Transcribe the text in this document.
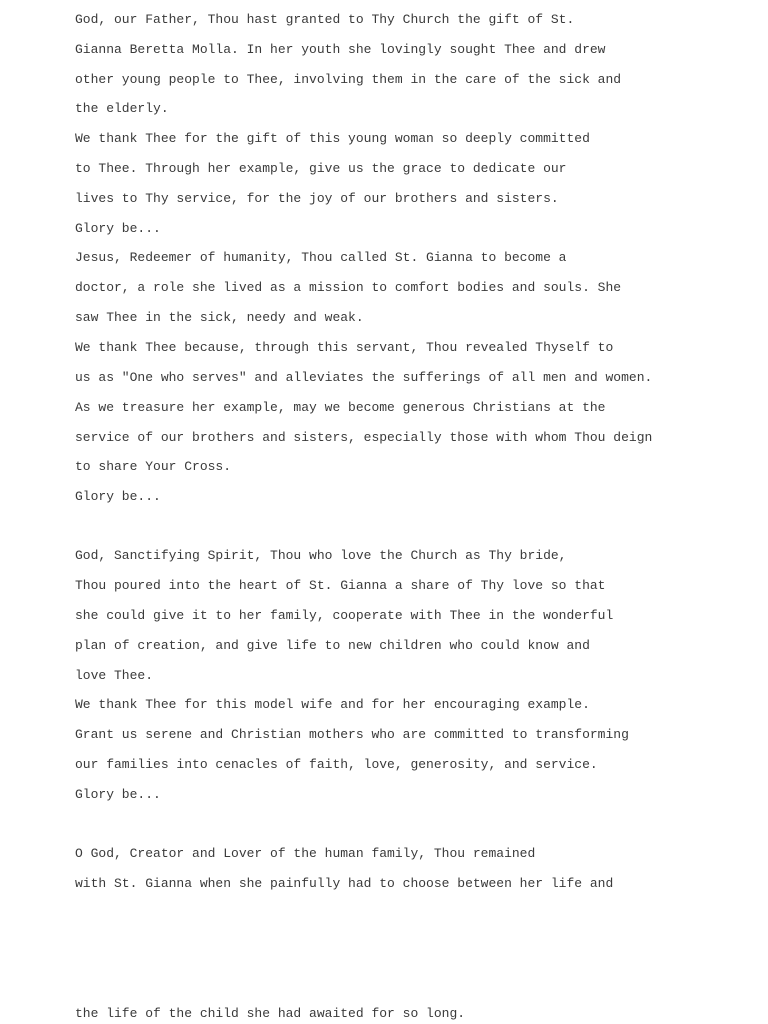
God, our Father, Thou hast granted to Thy Church the gift of St.
Gianna Beretta Molla. In her youth she lovingly sought Thee and drew
other young people to Thee, involving them in the care of the sick and
the elderly.
We thank Thee for the gift of this young woman so deeply committed
to Thee. Through her example, give us the grace to dedicate our
lives to Thy service, for the joy of our brothers and sisters.
Glory be...
Jesus, Redeemer of humanity, Thou called St. Gianna to become a
doctor, a role she lived as a mission to comfort bodies and souls. She
saw Thee in the sick, needy and weak.
We thank Thee because, through this servant, Thou revealed Thyself to
us as "One who serves" and alleviates the sufferings of all men and women.
As we treasure her example, may we become generous Christians at the
service of our brothers and sisters, especially those with whom Thou deign
to share Your Cross.
Glory be...
God, Sanctifying Spirit, Thou who love the Church as Thy bride,
Thou poured into the heart of St. Gianna a share of Thy love so that
she could give it to her family, cooperate with Thee in the wonderful
plan of creation, and give life to new children who could know and
love Thee.
We thank Thee for this model wife and for her encouraging example.
Grant us serene and Christian mothers who are committed to transforming
our families into cenacles of faith, love, generosity, and service.
Glory be...
O God, Creator and Lover of the human family, Thou remained
with St. Gianna when she painfully had to choose between her life and
the life of the child she had awaited for so long.
